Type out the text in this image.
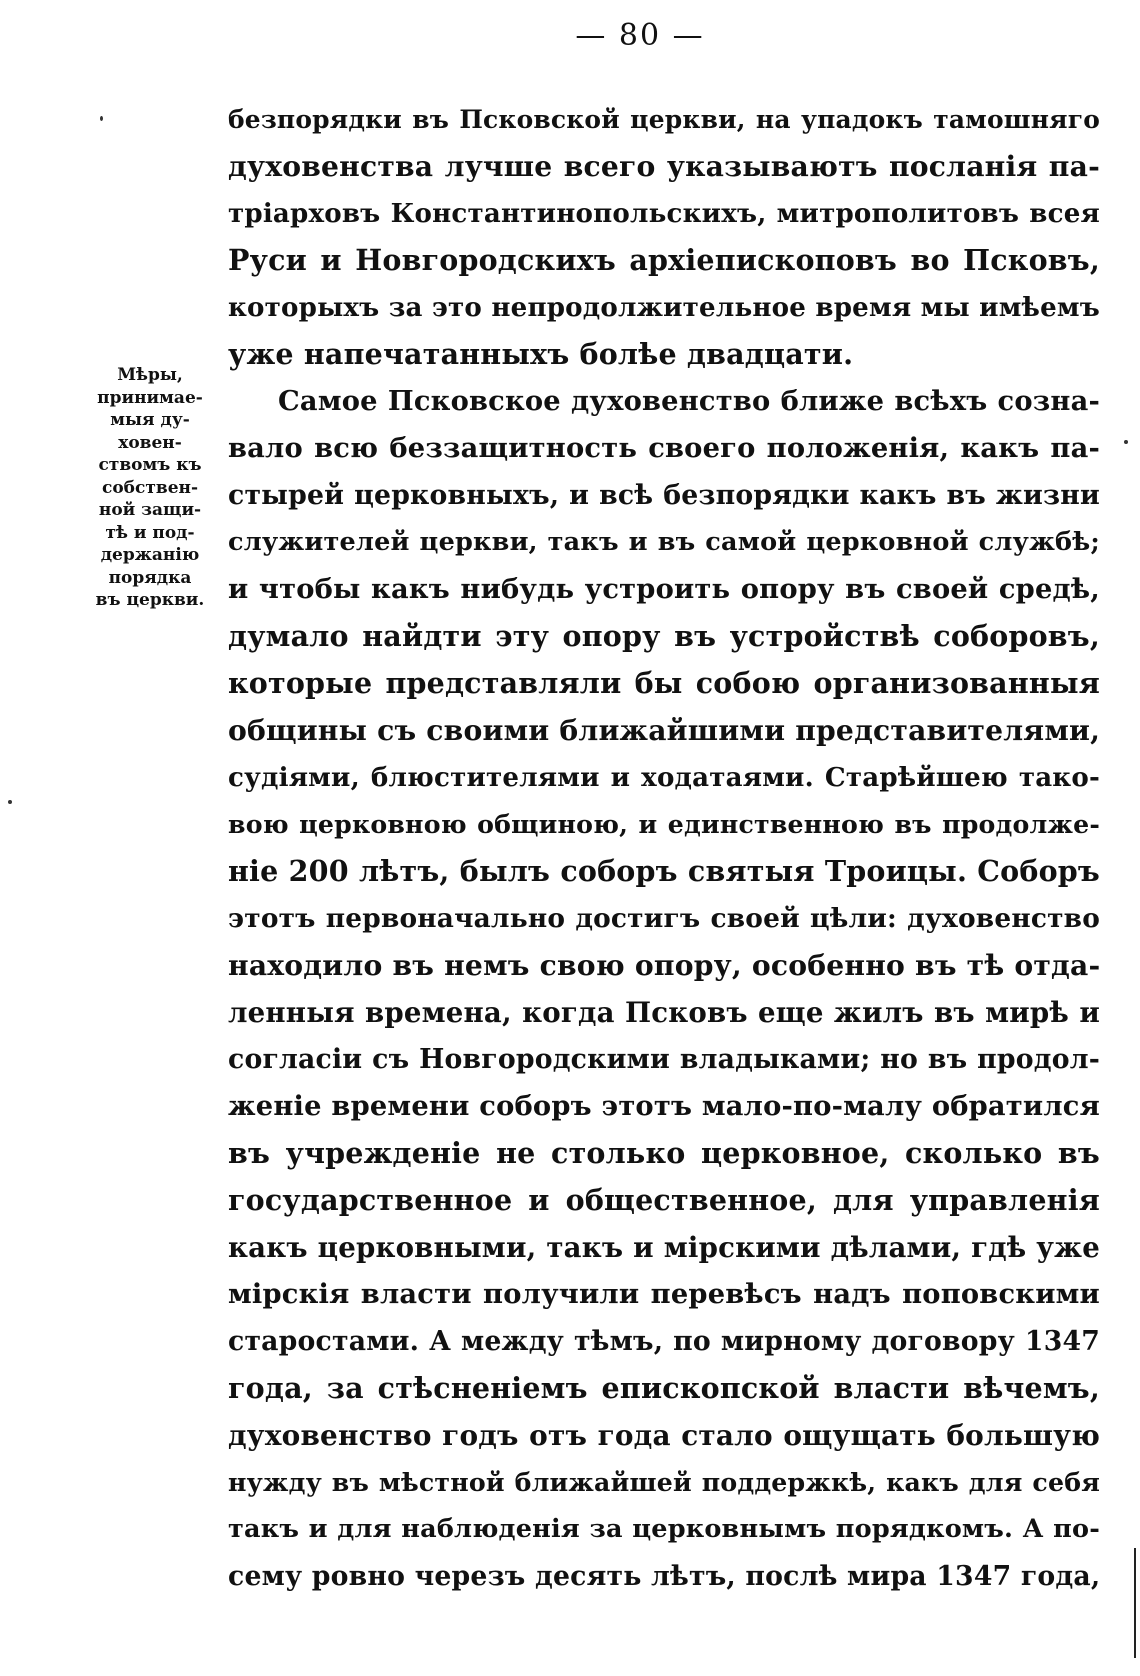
— 80 —
Мѣры,
принимае-
мыя ду-
ховен-
ствомъ къ
собствен-
ной защи-
тѣ и под-
держанію
порядка
въ церкви.
безпорядки въ Псковской церкви, на упадокъ тамошняго
духовенства лучше всего указываютъ посланія па-
тріарховъ Константинопольскихъ, митрополитовъ всея
Руси и Новгородскихъ архіепископовъ во Псковъ,
которыхъ за это непродолжительное время мы имѣемъ
уже напечатанныхъ болѣе двадцати.
Самое Псковское духовенство ближе всѣхъ созна-
вало всю беззащитность своего положенія, какъ па-
стырей церковныхъ, и всѣ безпорядки какъ въ жизни
служителей церкви, такъ и въ самой церковной службѣ;
и чтобы какъ нибудь устроить опору въ своей средѣ,
думало найдти эту опору въ устройствѣ соборовъ,
которые представляли бы собою организованныя
общины съ своими ближайшими представителями,
судіями, блюстителями и ходатаями. Старѣйшею тако-
вою церковною общиною, и единственною въ продолже-
ніе 200 лѣтъ, былъ соборъ святыя Троицы. Соборъ
этотъ первоначально достигъ своей цѣли: духовенство
находило въ немъ свою опору, особенно въ тѣ отда-
ленныя времена, когда Псковъ еще жилъ въ мирѣ и
согласіи съ Новгородскими владыками; но въ продол-
женіе времени соборъ этотъ мало-по-малу обратился
въ учрежденіе не столько церковное, сколько въ
государственное и общественное, для управленія
какъ церковными, такъ и мірскими дѣлами, гдѣ уже
мірскія власти получили перевѣсъ надъ поповскими
старостами. А между тѣмъ, по мирному договору 1347
года, за стѣсненіемъ епископской власти вѣчемъ,
духовенство годъ отъ года стало ощущать большую
нужду въ мѣстной ближайшей поддержкѣ, какъ для себя
такъ и для наблюденія за церковнымъ порядкомъ. А по-
сему ровно черезъ десять лѣтъ, послѣ мира 1347 года,
